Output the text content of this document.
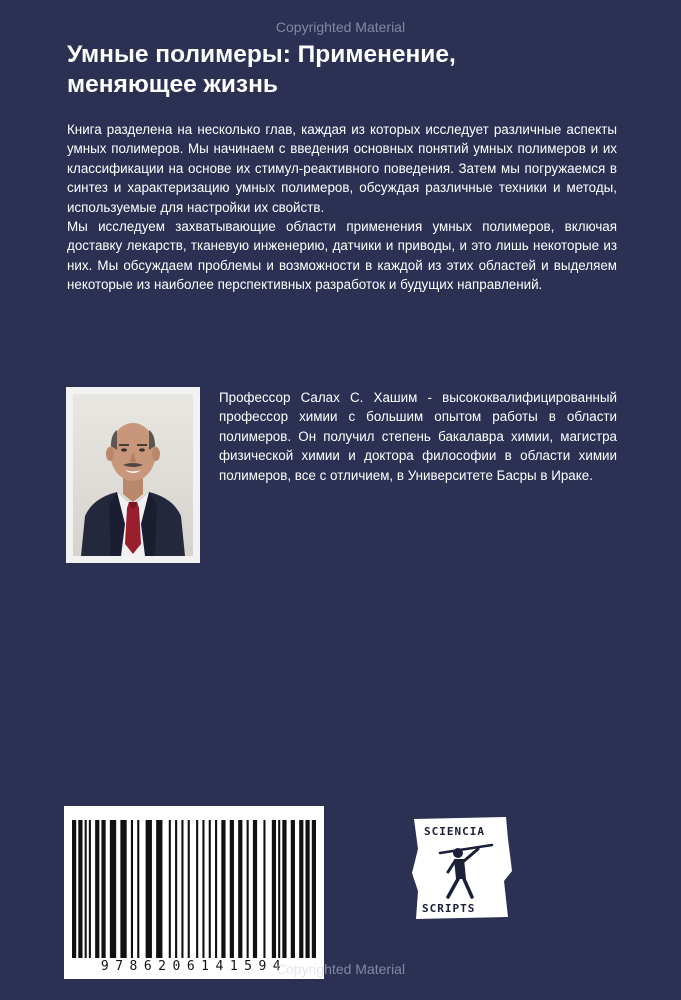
Copyrighted Material
Умные полимеры: Применение,
меняющее жизнь

Книга разделена на несколько глав, каждая из которых исследует различные аспекты умных полимеров. Мы начинаем с введения основных понятий умных полимеров и их классификации на основе их стимул-реактивного поведения. Затем мы погружаемся в синтез и характеризацию умных полимеров, обсуждая различные техники и методы, используемые для настройки их свойств.

Мы исследуем захватывающие области применения умных полимеров, включая доставку лекарств, тканевую инженерию, датчики и приводы, и это лишь некоторые из них. Мы обсуждаем проблемы и возможности в каждой из этих областей и выделяем некоторые из наиболее перспективных разработок и будущих направлений.

Профессор Салах С. Хашим - высококвалифицированный профессор химии с большим опытом работы в области полимеров. Он получил степень бакалавра химии, магистра физической химии и доктора философии в области химии полимеров, все с отличием, в Университете Басры в Ираке.

9786206141594
SCIENCIA
SCRIPTS
Copyrighted Material
